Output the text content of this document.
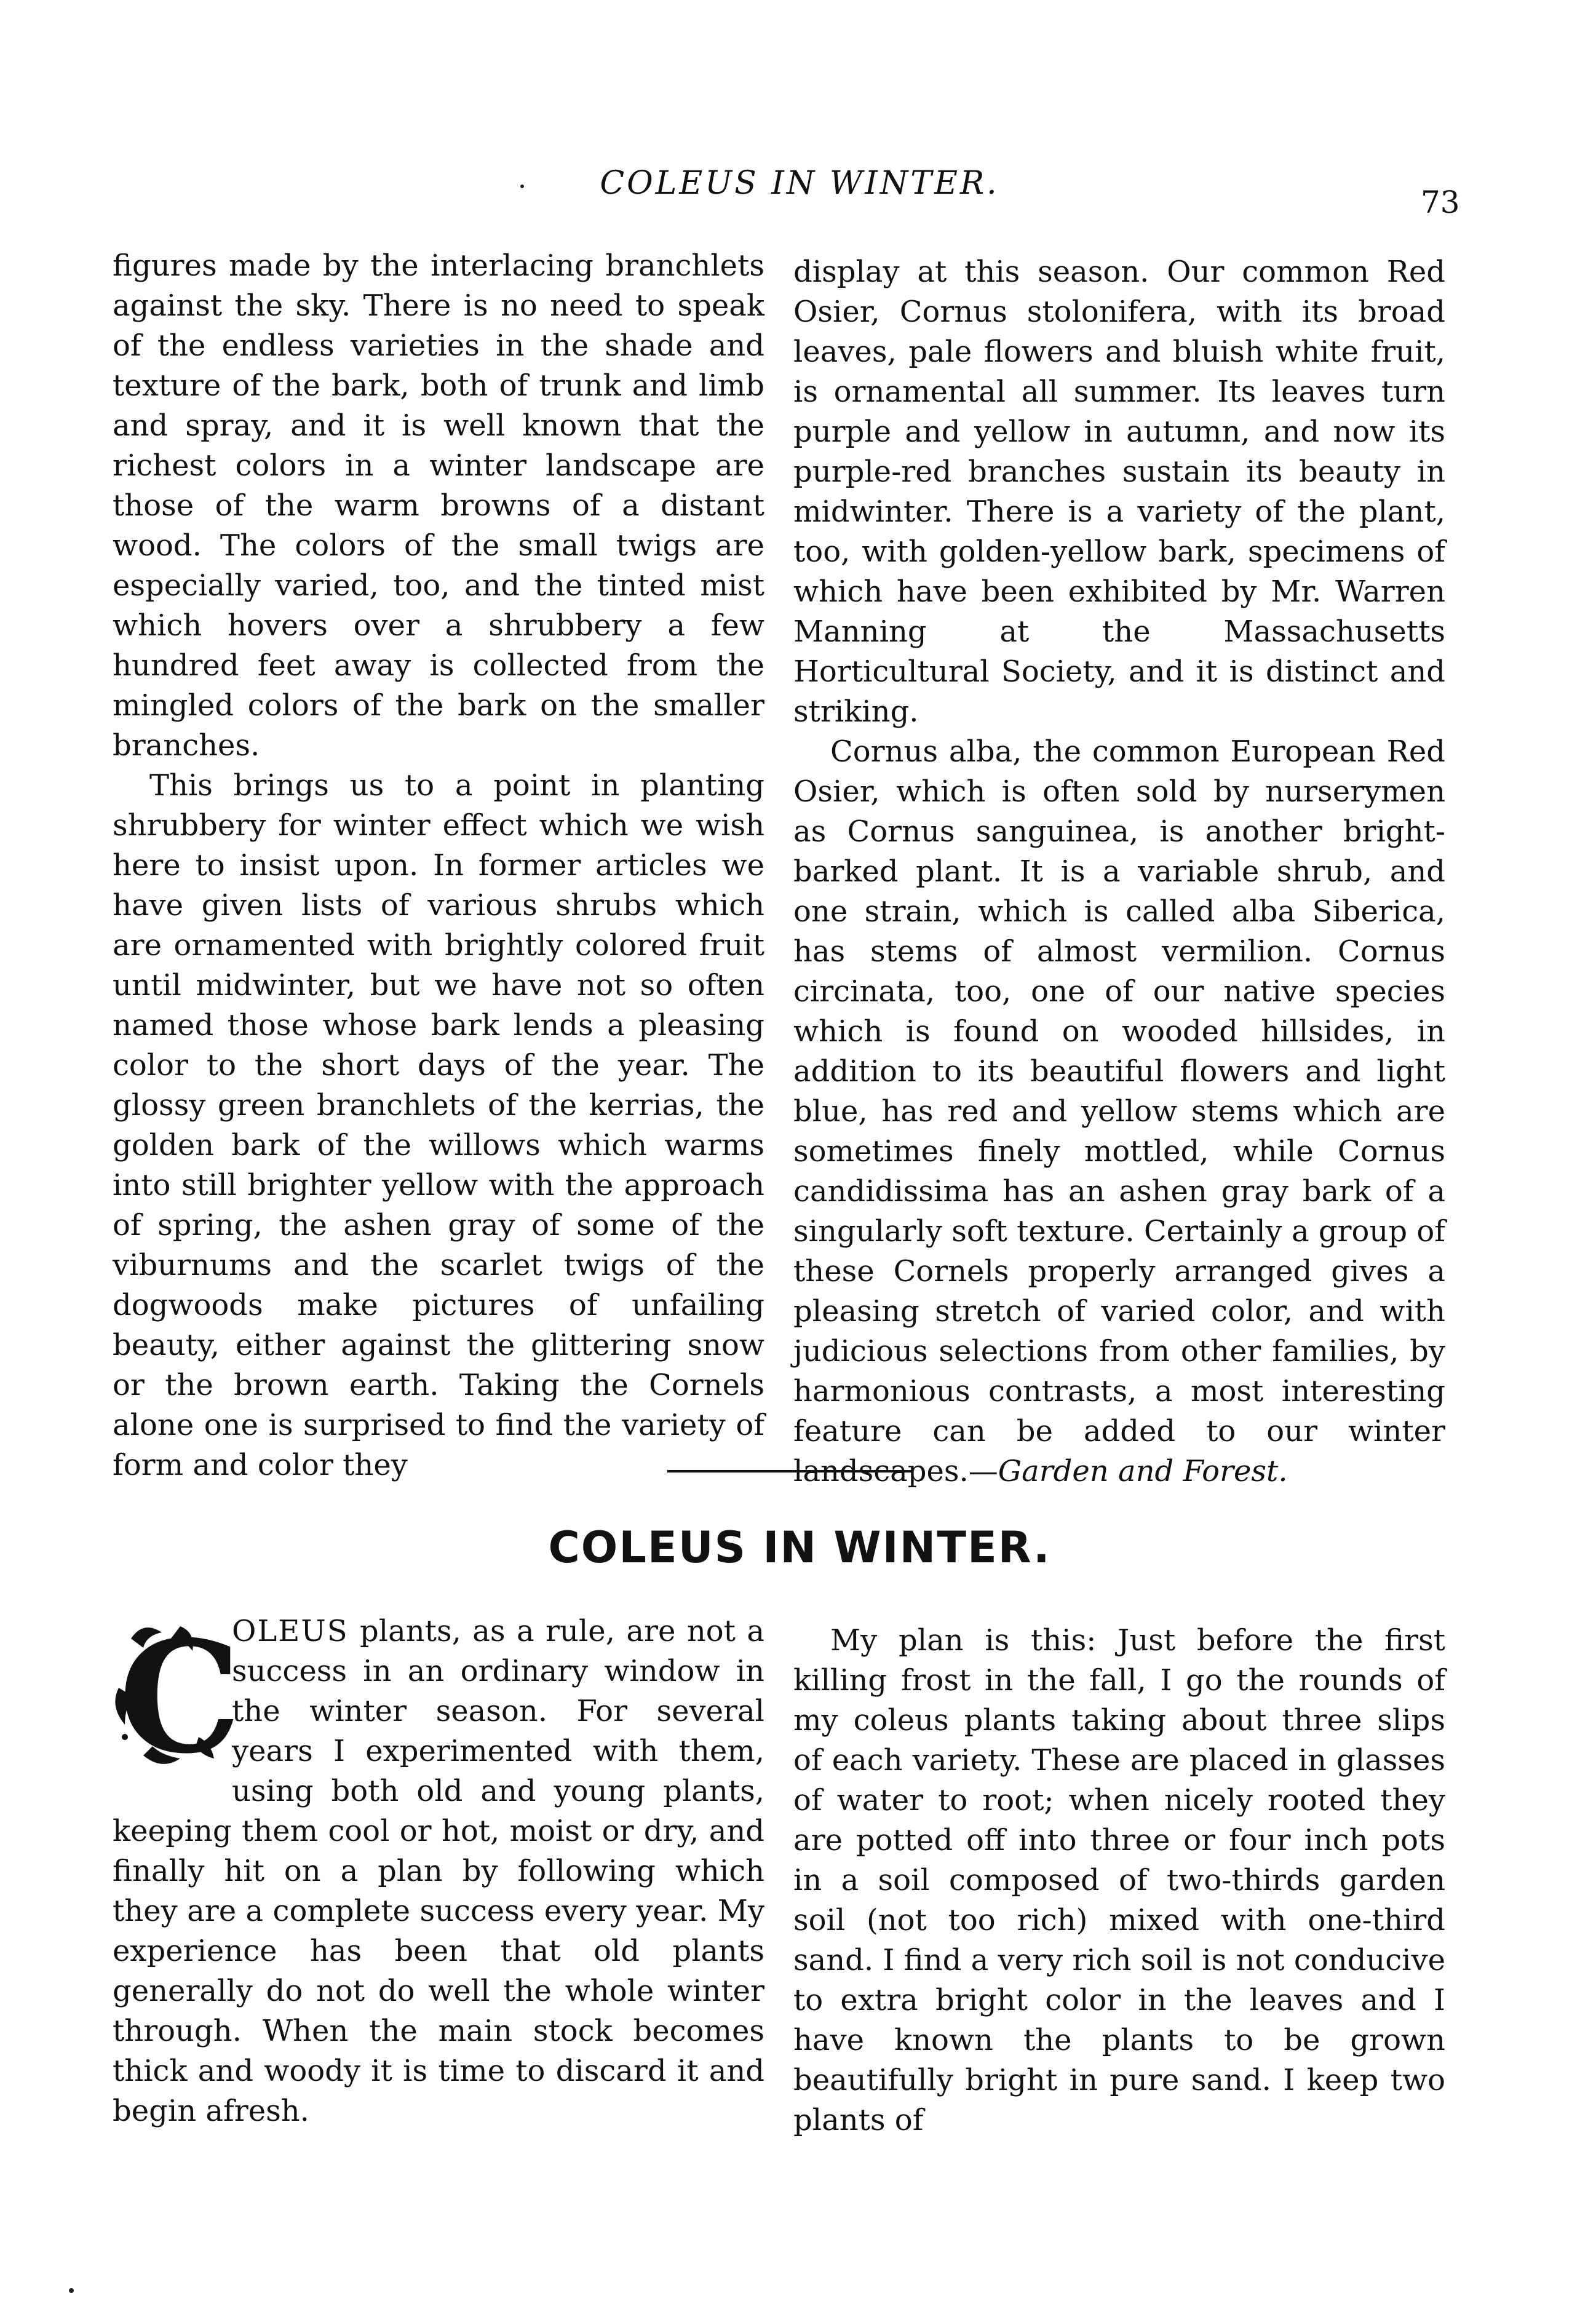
COLEUS IN WINTER.
73

figures made by the interlacing branchlets against the sky. There is no need to speak of the endless varieties in the shade and texture of the bark, both of trunk and limb and spray, and it is well known that the richest colors in a winter landscape are those of the warm browns of a distant wood. The colors of the small twigs are especially varied, too, and the tinted mist which hovers over a shrubbery a few hundred feet away is collected from the mingled colors of the bark on the smaller branches.

This brings us to a point in planting shrubbery for winter effect which we wish here to insist upon. In former articles we have given lists of various shrubs which are ornamented with brightly colored fruit until midwinter, but we have not so often named those whose bark lends a pleasing color to the short days of the year. The glossy green branchlets of the kerrias, the golden bark of the willows which warms into still brighter yellow with the approach of spring, the ashen gray of some of the viburnums and the scarlet twigs of the dogwoods make pictures of unfailing beauty, either against the glittering snow or the brown earth. Taking the Cornels alone one is surprised to find the variety of form and color they

display at this season. Our common Red Osier, Cornus stolonifera, with its broad leaves, pale flowers and bluish white fruit, is ornamental all summer. Its leaves turn purple and yellow in autumn, and now its purple-red branches sustain its beauty in midwinter. There is a variety of the plant, too, with golden-yellow bark, specimens of which have been exhibited by Mr. Warren Manning at the Massachusetts Horticultural Society, and it is distinct and striking.

Cornus alba, the common European Red Osier, which is often sold by nurserymen as Cornus sanguinea, is another bright-barked plant. It is a variable shrub, and one strain, which is called alba Siberica, has stems of almost vermilion. Cornus circinata, too, one of our native species which is found on wooded hillsides, in addition to its beautiful flowers and light blue, has red and yellow stems which are sometimes finely mottled, while Cornus candidissima has an ashen gray bark of a singularly soft texture. Certainly a group of these Cornels properly arranged gives a pleasing stretch of varied color, and with judicious selections from other families, by harmonious contrasts, a most interesting feature can be added to our winter landscapes.—Garden and Forest.

COLEUS IN WINTER.
C

OLEUS plants, as a rule, are not a success in an ordinary window in the winter season. For several years I experimented with them, using both old and young plants, keeping them cool or hot, moist or dry, and finally hit on a plan by following which they are a complete success every year. My experience has been that old plants generally do not do well the whole winter through. When the main stock becomes thick and woody it is time to discard it and begin afresh.

My plan is this: Just before the first killing frost in the fall, I go the rounds of my coleus plants taking about three slips of each variety. These are placed in glasses of water to root; when nicely rooted they are potted off into three or four inch pots in a soil composed of two-thirds garden soil (not too rich) mixed with one-third sand. I find a very rich soil is not conducive to extra bright color in the leaves and I have known the plants to be grown beautifully bright in pure sand. I keep two plants of
